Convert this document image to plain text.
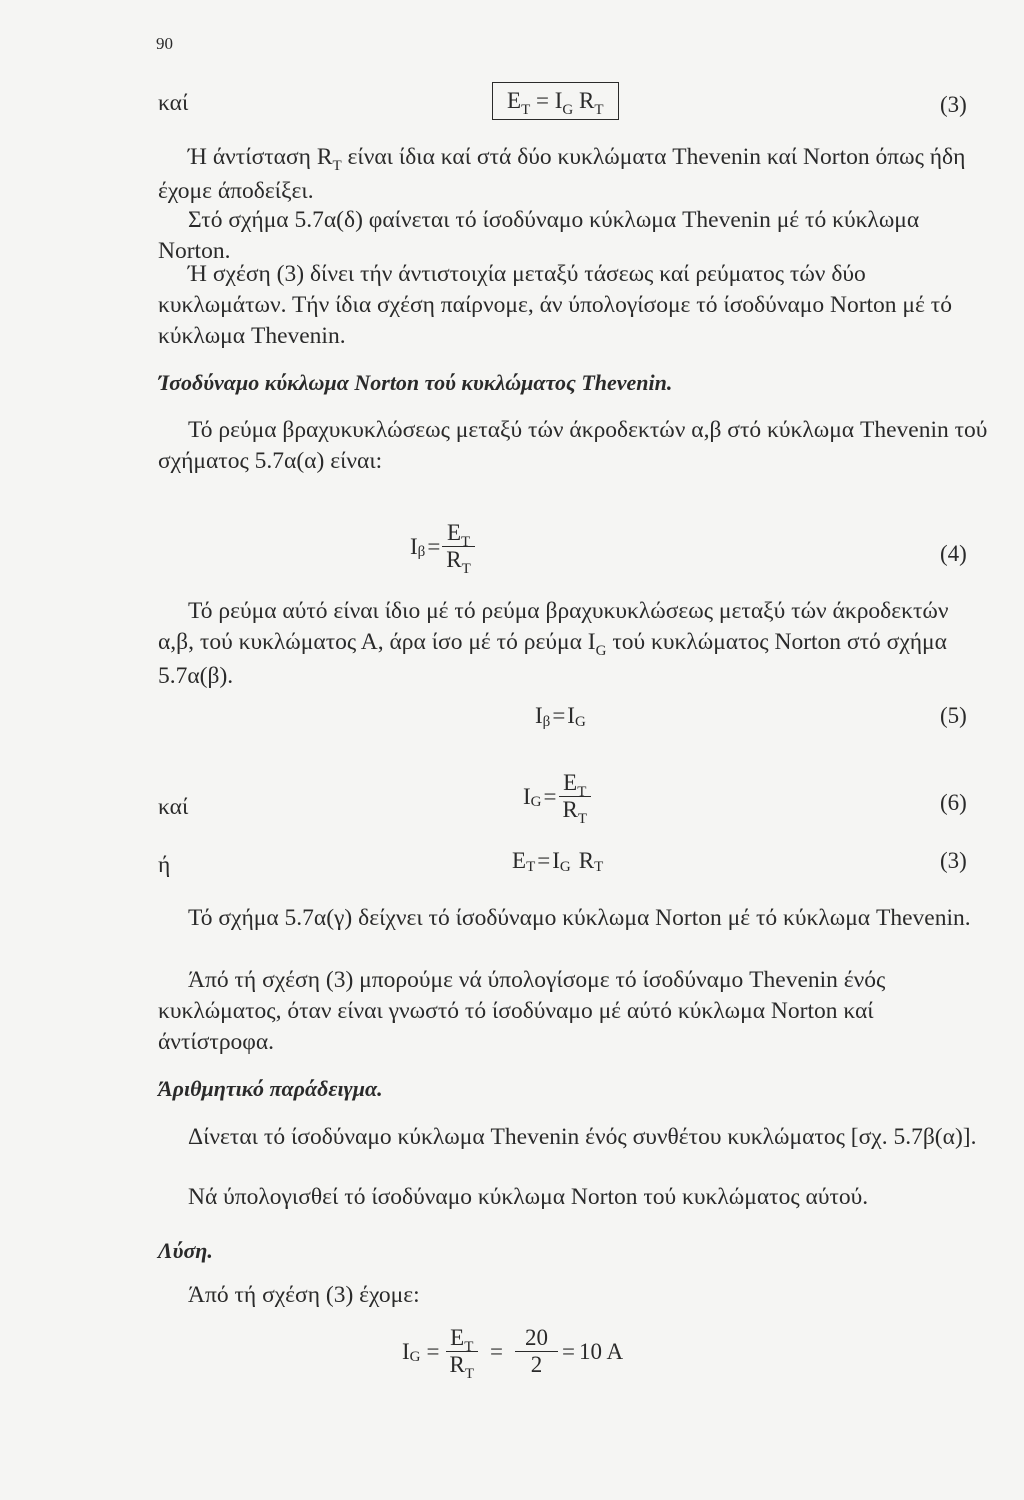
90
καί	$E_T = I_G$ $R_T$	(3)
Ή άντίσταση $R_T$ είναι ίδια καί στά δύο κυκλώματα Thevenin καί Norton όπως ήδη έχομε άποδείξει.
Στό σχήμα 5.7α(δ) φαίνεται τό ίσοδύναμο κύκλωμα Thevenin μέ τό κύκλωμα Norton.
Ή σχέση (3) δίνει τήν άντιστοιχία μεταξύ τάσεως καί ρεύματος τών δύο κυκλωμάτων. Τήν ίδια σχέση παίρνομε, άν ύπολογίσομε τό ίσοδύναμο Norton μέ τό κύκλωμα Thevenin.
Ίσοδύναμο κύκλωμα Norton τού κυκλώματος Thevenin.
Τό ρεύμα βραχυκυκλώσεως μεταξύ τών άκροδεκτών α,β στό κύκλωμα Thevenin τού σχήματος 5.7α(α) είναι:
I $\beta = \frac{E_T}{R_T}$	(4)
Τό ρεύμα αύτό είναι ίδιο μέ τό ρεύμα βραχυκυκλώσεως μεταξύ τών άκροδεκτών α,β, τού κυκλώματος Α, άρα ίσο μέ τό ρεύμα $I_G$ τού κυκλώματος Norton στό σχήμα 5.7α(β).
I β = I G	(5)
καί	I $G = \frac{E_T}{R_T}$	(6)
ή	E T = I G R T	(3)
Τό σχήμα 5.7α(γ) δείχνει τό ίσοδύναμο κύκλωμα Norton μέ τό κύκλωμα Thevenin.
Άπό τή σχέση (3) μπορούμε νά ύπολογίσομε τό ίσοδύναμο Thevenin ένός κυκλώματος, όταν είναι γνωστό τό ίσοδύναμο μέ αύτό κύκλωμα Norton καί άντίστροφα.
Άριθμητικό παράδειγμα.
Δίνεται τό ίσοδύναμο κύκλωμα Thevenin ένός συνθέτου κυκλώματος [σχ. 5.7β(α)].
Νά ύπολογισθεί τό ίσοδύναμο κύκλωμα Norton τού κυκλώματος αύτού.
Λύση.
Άπό τή σχέση (3) έχομε:
I $G = \frac{E_T}{R_T} = \frac{20}{2} = 10$ A
